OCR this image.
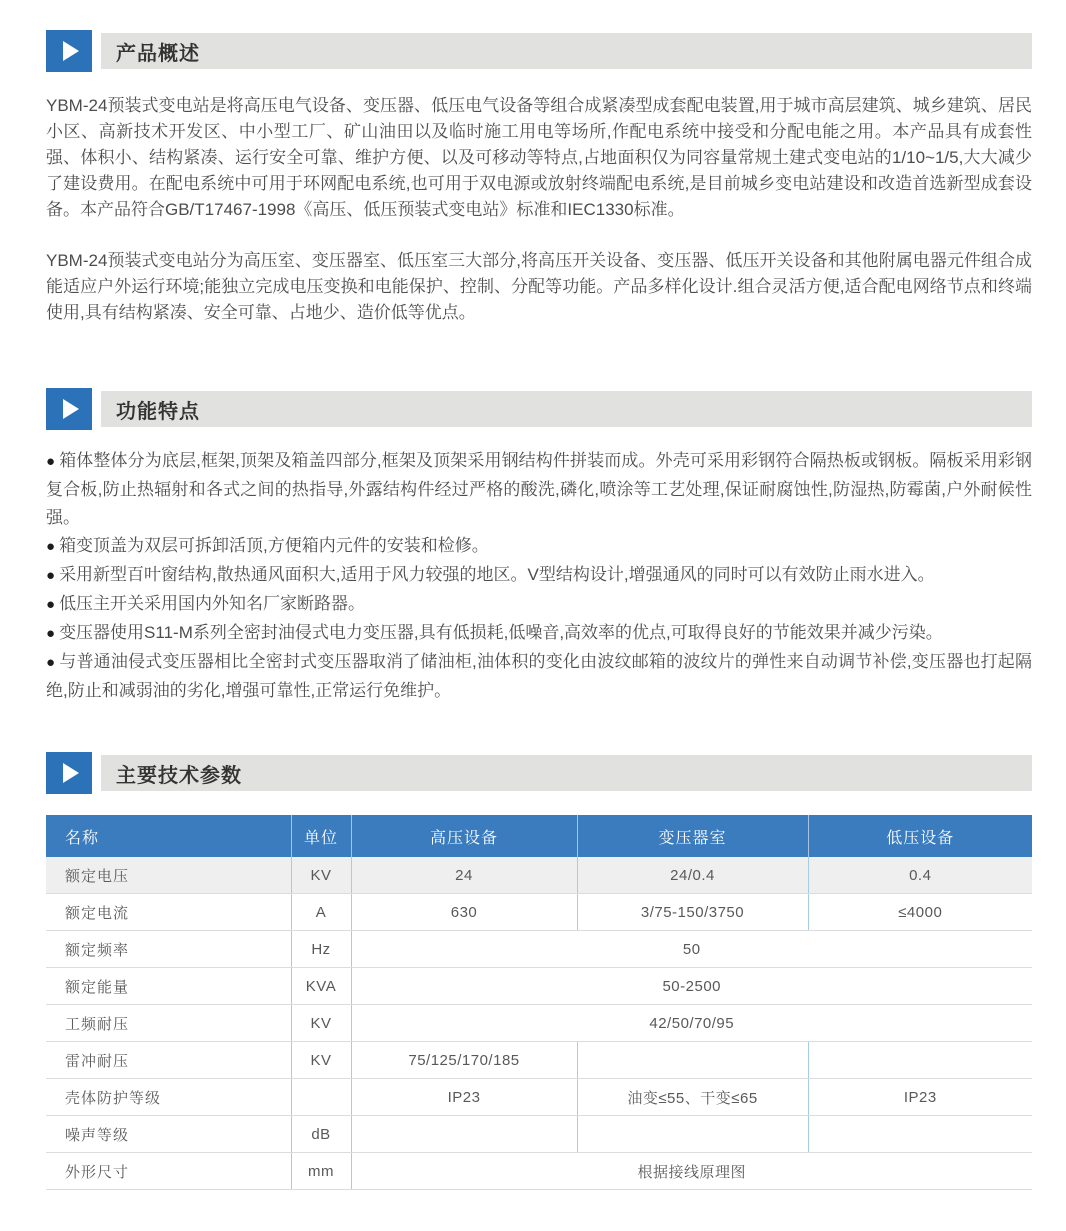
产品概述

YBM-24预装式变电站是将高压电气设备、变压器、低压电气设备等组合成紧凑型成套配电装置,用于城市高层建筑、城乡建筑、居民小区、高新技术开发区、中小型工厂、矿山油田以及临时施工用电等场所,作配电系统中接受和分配电能之用。本产品具有成套性强、体积小、结构紧凑、运行安全可靠、维护方便、以及可移动等特点,占地面积仅为同容量常规土建式变电站的1/10~1/5,大大减少了建设费用。在配电系统中可用于环网配电系统,也可用于双电源或放射终端配电系统,是目前城乡变电站建设和改造首选新型成套设备。本产品符合GB/T17467-1998《高压、低压预装式变电站》标准和IEC1330标准。

YBM-24预装式变电站分为高压室、变压器室、低压室三大部分,将高压开关设备、变压器、低压开关设备和其他附属电器元件组合成能适应户外运行环境;能独立完成电压变换和电能保护、控制、分配等功能。产品多样化设计.组合灵活方便,适合配电网络节点和终端使用,具有结构紧凑、安全可靠、占地少、造价低等优点。

功能特点

● 箱体整体分为底层,框架,顶架及箱盖四部分,框架及顶架采用钢结构件拼装而成。外壳可采用彩钢符合隔热板或钢板。隔板采用彩钢复合板,防止热辐射和各式之间的热指导,外露结构件经过严格的酸洗,磷化,喷涂等工艺处理,保证耐腐蚀性,防湿热,防霉菌,户外耐候性强。

● 箱变顶盖为双层可拆卸活顶,方便箱内元件的安装和检修。

● 采用新型百叶窗结构,散热通风面积大,适用于风力较强的地区。V型结构设计,增强通风的同时可以有效防止雨水进入。

● 低压主开关采用国内外知名厂家断路器。

● 变压器使用S11-M系列全密封油侵式电力变压器,具有低损耗,低噪音,高效率的优点,可取得良好的节能效果并减少污染。

● 与普通油侵式变压器相比全密封式变压器取消了储油柜,油体积的变化由波纹邮箱的波纹片的弹性来自动调节补偿,变压器也打起隔绝,防止和减弱油的劣化,增强可靠性,正常运行免维护。

主要技术参数
名称	单位	高压设备	变压器室	低压设备
额定电压	KV	24	24/0.4	0.4
额定电流	A	630	3/75-150/3750	≤4000
额定频率	Hz	50		
额定能量	KVA	50-2500		
工频耐压	KV	42/50/70/95		
雷冲耐压	KV	75/125/170/185		
壳体防护等级		IP23	油变≤55、干变≤65	IP23
噪声等级	dB			
外形尺寸	mm	根据接线原理图		
